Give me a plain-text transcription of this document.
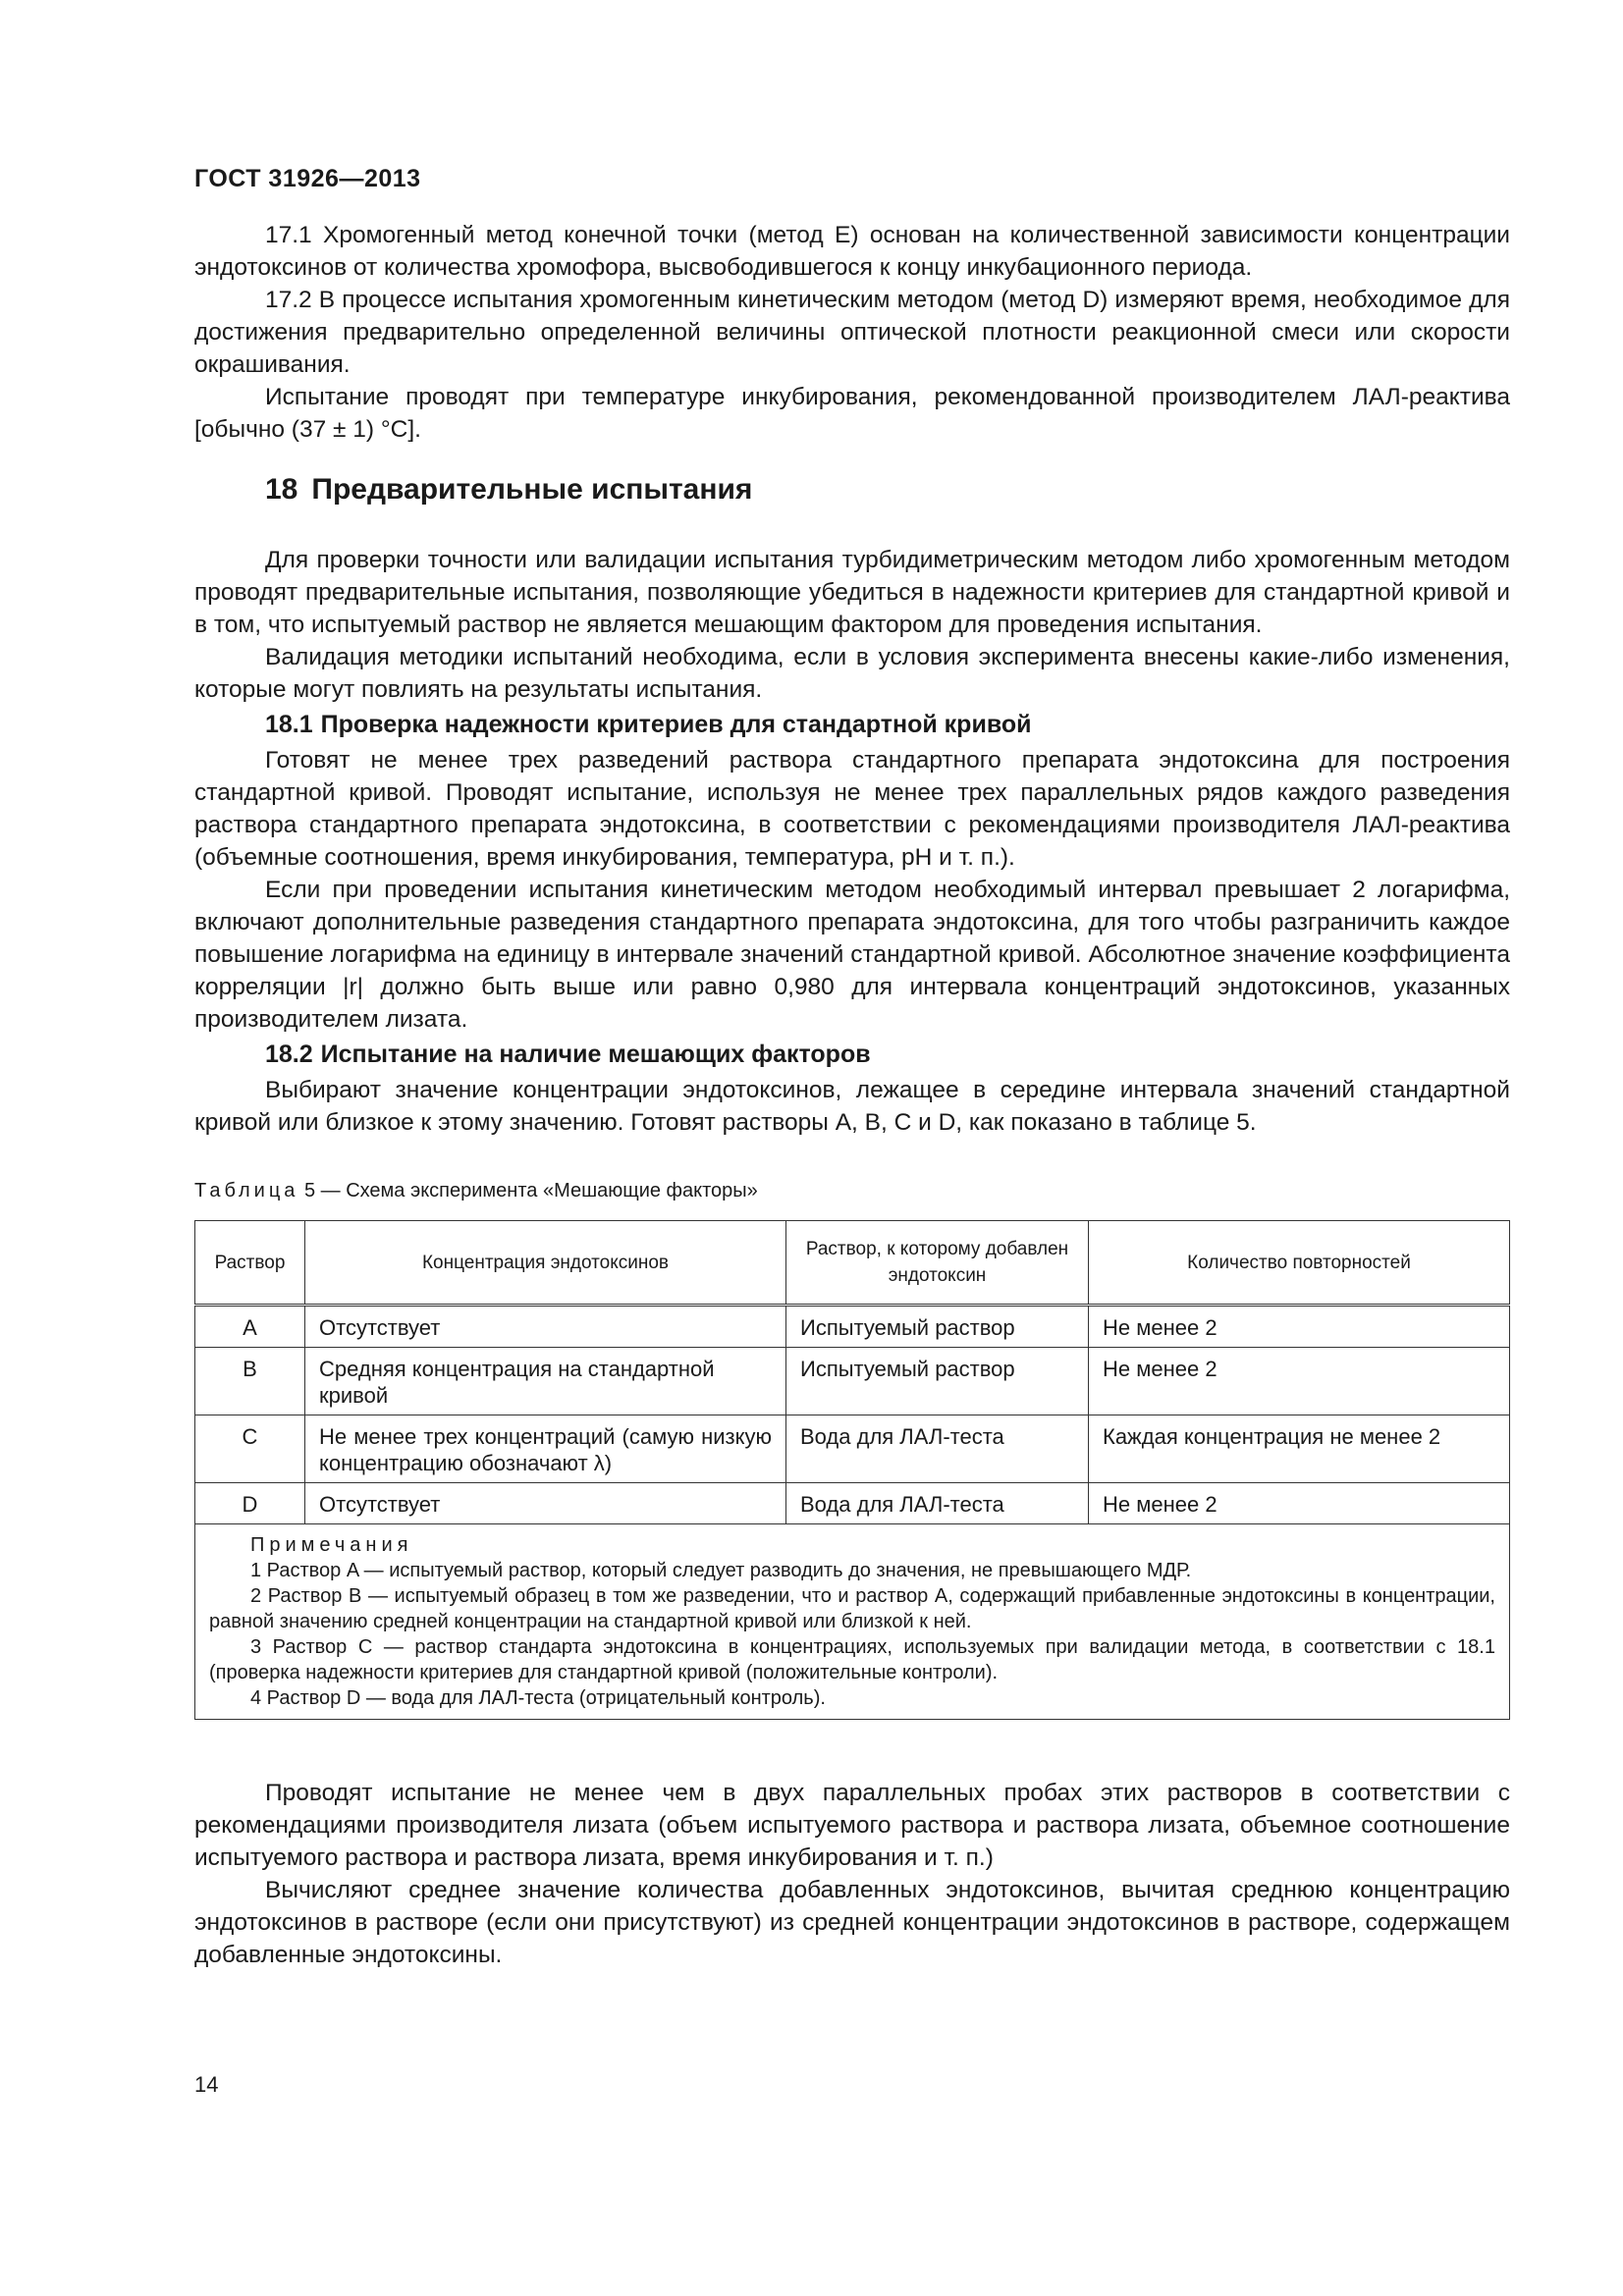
ГОСТ 31926—2013

17.1 Хромогенный метод конечной точки (метод E) основан на количественной зависимости концентрации эндотоксинов от количества хромофора, высвободившегося к концу инкубационного периода.

17.2 В процессе испытания хромогенным кинетическим методом (метод D) измеряют время, необходимое для достижения предварительно определенной величины оптической плотности реакционной смеси или скорости окрашивания.

Испытание проводят при температуре инкубирования, рекомендованной производителем ЛАЛ-реактива [обычно (37 ± 1) °C].

18 Предварительные испытания

Для проверки точности или валидации испытания турбидиметрическим методом либо хромогенным методом проводят предварительные испытания, позволяющие убедиться в надежности критериев для стандартной кривой и в том, что испытуемый раствор не является мешающим фактором для проведения испытания.

Валидация методики испытаний необходима, если в условия эксперимента внесены какие-либо изменения, которые могут повлиять на результаты испытания.

18.1 Проверка надежности критериев для стандартной кривой

Готовят не менее трех разведений раствора стандартного препарата эндотоксина для построения стандартной кривой. Проводят испытание, используя не менее трех параллельных рядов каждого разведения раствора стандартного препарата эндотоксина, в соответствии с рекомендациями производителя ЛАЛ-реактива (объемные соотношения, время инкубирования, температура, pH и т. п.).

Если при проведении испытания кинетическим методом необходимый интервал превышает 2 логарифма, включают дополнительные разведения стандартного препарата эндотоксина, для того чтобы разграничить каждое повышение логарифма на единицу в интервале значений стандартной кривой. Абсолютное значение коэффициента корреляции |r| должно быть выше или равно 0,980 для интервала концентраций эндотоксинов, указанных производителем лизата.

18.2 Испытание на наличие мешающих факторов

Выбирают значение концентрации эндотоксинов, лежащее в середине интервала значений стандартной кривой или близкое к этому значению. Готовят растворы A, B, C и D, как показано в таблице 5.

Таблица 5 — Схема эксперимента «Мешающие факторы»
Раствор	Концентрация эндотоксинов	Раствор, к которому добавлен эндотоксин	Количество повторностей
A	Отсутствует	Испытуемый раствор	Не менее 2
B	Средняя концентрация на стандартной кривой	Испытуемый раствор	Не менее 2
C	Не менее трех концентраций (самую низкую концентрацию обозначают λ)	Вода для ЛАЛ-теста	Каждая концентрация не менее 2
D	Отсутствует	Вода для ЛАЛ-теста	Не менее 2

Примечания
1 Раствор A — испытуемый раствор, который следует разводить до значения, не превышающего МДР.
2 Раствор B — испытуемый образец в том же разведении, что и раствор A, содержащий прибавленные эндотоксины в концентрации, равной значению средней концентрации на стандартной кривой или близкой к ней.
3 Раствор C — раствор стандарта эндотоксина в концентрациях, используемых при валидации метода, в соответствии с 18.1 (проверка надежности критериев для стандартной кривой (положительные контроли).
4 Раствор D — вода для ЛАЛ-теста (отрицательный контроль).			

Проводят испытание не менее чем в двух параллельных пробах этих растворов в соответствии с рекомендациями производителя лизата (объем испытуемого раствора и раствора лизата, объемное соотношение испытуемого раствора и раствора лизата, время инкубирования и т. п.)

Вычисляют среднее значение количества добавленных эндотоксинов, вычитая среднюю концентрацию эндотоксинов в растворе (если они присутствуют) из средней концентрации эндотоксинов в растворе, содержащем добавленные эндотоксины.

14
